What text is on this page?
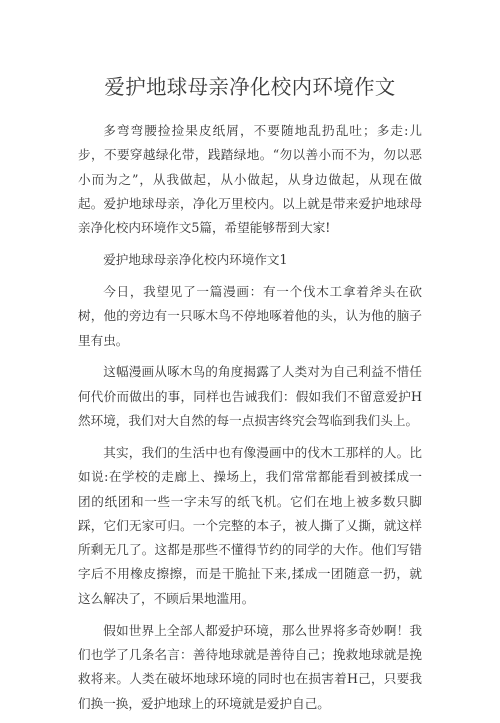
爱护地球母亲净化校内环境作文

多弯弯腰捡捡果皮纸屑，不要随地乱扔乱吐；多走:儿步，不要穿越绿化带，践踏绿地。“勿以善小而不为，勿以恶小而为之”，从我做起，从小做起，从身边做起，从现在做起。爱护地球母亲，净化万里校内。以上就是带来爱护地球母亲净化校内环境作文5篇，希望能够帮到大家!

爱护地球母亲净化校内环境作文1

今日，我望见了一篇漫画：有一个伐木工拿着斧头在砍树，他的旁边有一只啄木鸟不停地啄着他的头，认为他的脑子里有虫。

这幅漫画从啄木鸟的角度揭露了人类对为自己利益不惜任何代价而做出的事，同样也告诫我们：假如我们不留意爱护H然环境，我们对大自然的每一点损害终究会驾临到我们头上。

其实，我们的生活中也有像漫画中的伐木工那样的人。比如说:在学校的走廊上、操场上，我们常常都能看到被揉成一团的纸团和一些一字未写的纸飞机。它们在地上被多数只脚踩，它们无家可归。一个完整的本子，被人撕了乂撕，就这样所剩无几了。这都是那些不懂得节约的同学的大作。他们写错字后不用橡皮擦擦，而是干脆扯下来,揉成一团随意一扔，就这么解决了，不顾后果地滥用。

假如世界上全部人都爱护环境，那么世界将多奇妙啊！我们也学了几条名言：善待地球就是善待自己；挽救地球就是挽救将来。人类在破坏地球环境的同时也在损害着H己，只要我们换一换，爱护地球上的环境就是爱护自己。
